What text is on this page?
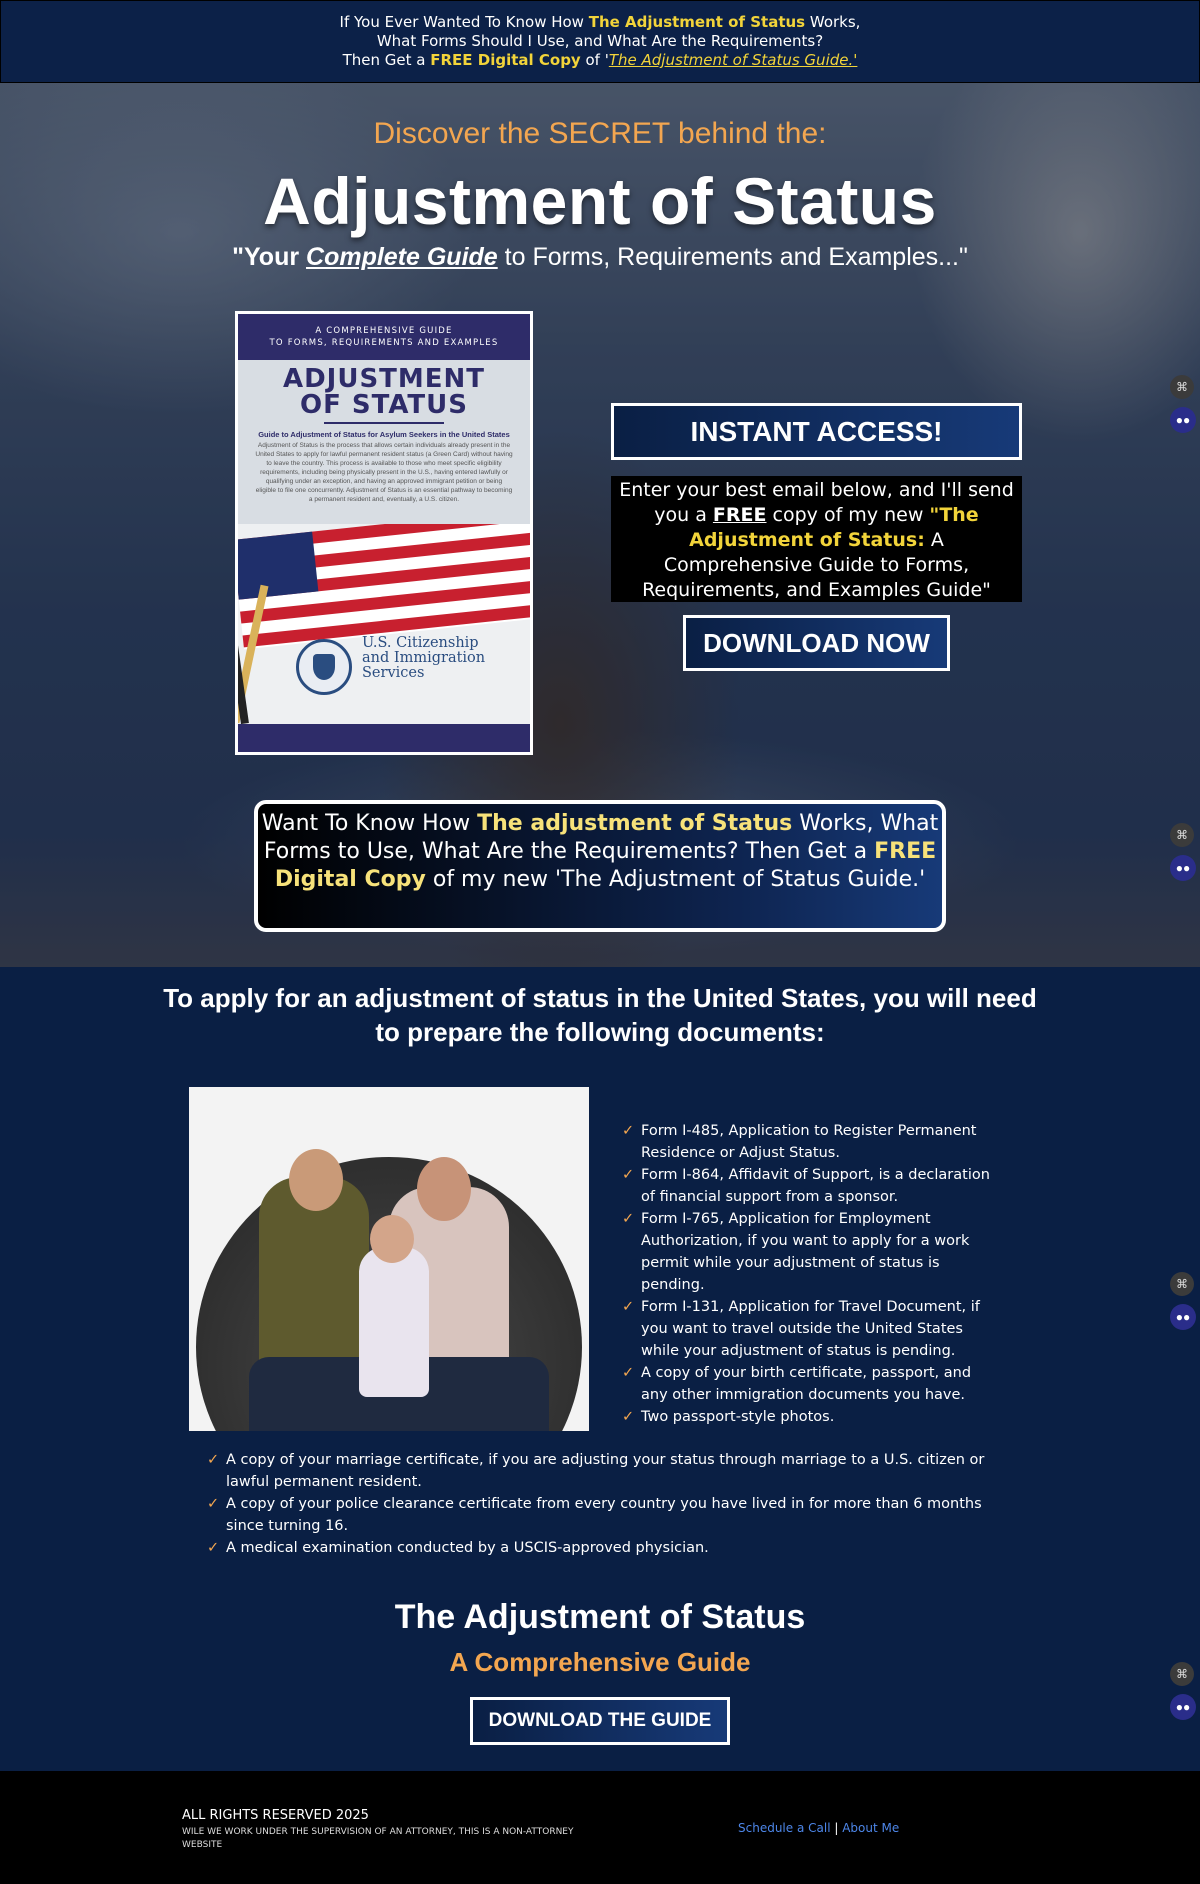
If You Ever Wanted To Know How The Adjustment of Status Works,
What Forms Should I Use, and What Are the Requirements?
Then Get a FREE Digital Copy of 'The Adjustment of Status Guide.'
Discover the SECRET behind the:
Adjustment of Status
"Your Complete Guide to Forms, Requirements and Examples..."
A COMPREHENSIVE GUIDE
TO FORMS, REQUIREMENTS AND EXAMPLES
ADJUSTMENT
OF STATUS
Guide to Adjustment of Status for Asylum Seekers in the United States
Adjustment of Status is the process that allows certain individuals already present in the United States to apply for lawful permanent resident status (a Green Card) without having to leave the country. This process is available to those who meet specific eligibility requirements, including being physically present in the U.S., having entered lawfully or qualifying under an exception, and having an approved immigrant petition or being eligible to file one concurrently. Adjustment of Status is an essential pathway to becoming a permanent resident and, eventually, a U.S. citizen.
U.S. Citizenship
and Immigration
Services
INSTANT ACCESS!
Enter your best email below, and I'll send you a FREE copy of my new "The Adjustment of Status: A Comprehensive Guide to Forms, Requirements, and Examples Guide"
DOWNLOAD NOW
Want To Know How The adjustment of Status Works, What Forms to Use, What Are the Requirements? Then Get a FREE Digital Copy of my new 'The Adjustment of Status Guide.'
⌘
●●
⌘
●●
To apply for an adjustment of status in the United States, you will need to prepare the following documents:
✓ Form I-485, Application to Register Permanent Residence or Adjust Status.
✓ Form I-864, Affidavit of Support, is a declaration of financial support from a sponsor.
✓ Form I-765, Application for Employment Authorization, if you want to apply for a work permit while your adjustment of status is pending.
✓ Form I-131, Application for Travel Document, if you want to travel outside the United States while your adjustment of status is pending.
✓ A copy of your birth certificate, passport, and any other immigration documents you have.
✓ Two passport-style photos.
✓ A copy of your marriage certificate, if you are adjusting your status through marriage to a U.S. citizen or lawful permanent resident.
✓ A copy of your police clearance certificate from every country you have lived in for more than 6 months since turning 16.
✓ A medical examination conducted by a USCIS-approved physician.
The Adjustment of Status
A Comprehensive Guide
DOWNLOAD THE GUIDE
⌘
●●
⌘
●●
ALL RIGHTS RESERVED 2025
WILE WE WORK UNDER THE SUPERVISION OF AN ATTORNEY, THIS IS A NON-ATTORNEY WEBSITE
Schedule a Call | About Me
